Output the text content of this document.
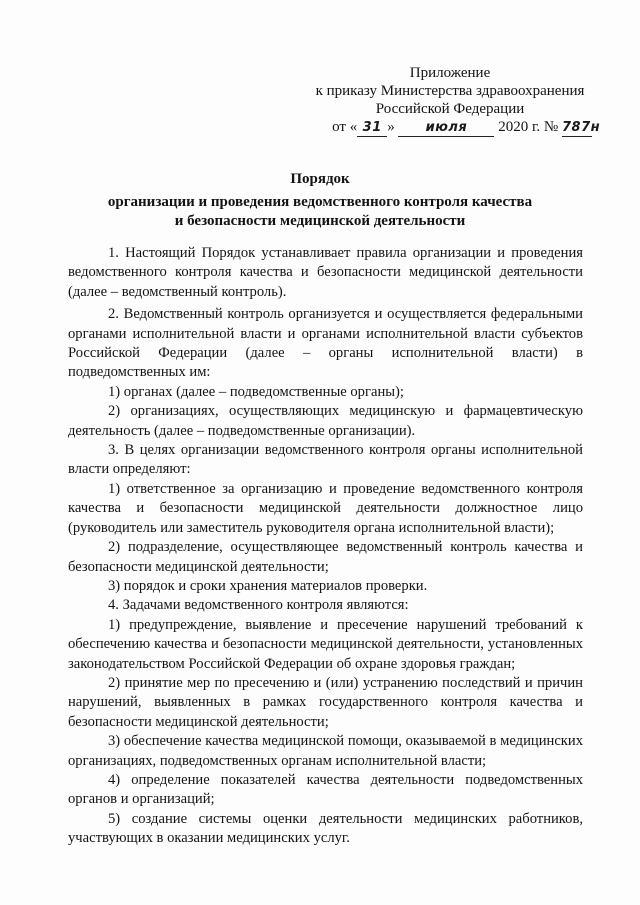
Приложение
к приказу Министерства здравоохранения
Российской Федерации
от « 31 » июля 2020 г. № 787н
Порядок
организации и проведения ведомственного контроля качества
и безопасности медицинской деятельности

1. Настоящий Порядок устанавливает правила организации и проведения ведомственного контроля качества и безопасности медицинской деятельности (далее – ведомственный контроль).

2. Ведомственный контроль организуется и осуществляется федеральными органами исполнительной власти и органами исполнительной власти субъектов Российской Федерации (далее – органы исполнительной власти) в подведомственных им:

1) органах (далее – подведомственные органы);

2) организациях, осуществляющих медицинскую и фармацевтическую деятельность (далее – подведомственные организации).

3. В целях организации ведомственного контроля органы исполнительной власти определяют:

1) ответственное за организацию и проведение ведомственного контроля качества и безопасности медицинской деятельности должностное лицо (руководитель или заместитель руководителя органа исполнительной власти);

2) подразделение, осуществляющее ведомственный контроль качества и безопасности медицинской деятельности;

3) порядок и сроки хранения материалов проверки.

4. Задачами ведомственного контроля являются:

1) предупреждение, выявление и пресечение нарушений требований к обеспечению качества и безопасности медицинской деятельности, установленных законодательством Российской Федерации об охране здоровья граждан;

2) принятие мер по пресечению и (или) устранению последствий и причин нарушений, выявленных в рамках государственного контроля качества и безопасности медицинской деятельности;

3) обеспечение качества медицинской помощи, оказываемой в медицинских организациях, подведомственных органам исполнительной власти;

4) определение показателей качества деятельности подведомственных органов и организаций;

5) создание системы оценки деятельности медицинских работников, участвующих в оказании медицинских услуг.
